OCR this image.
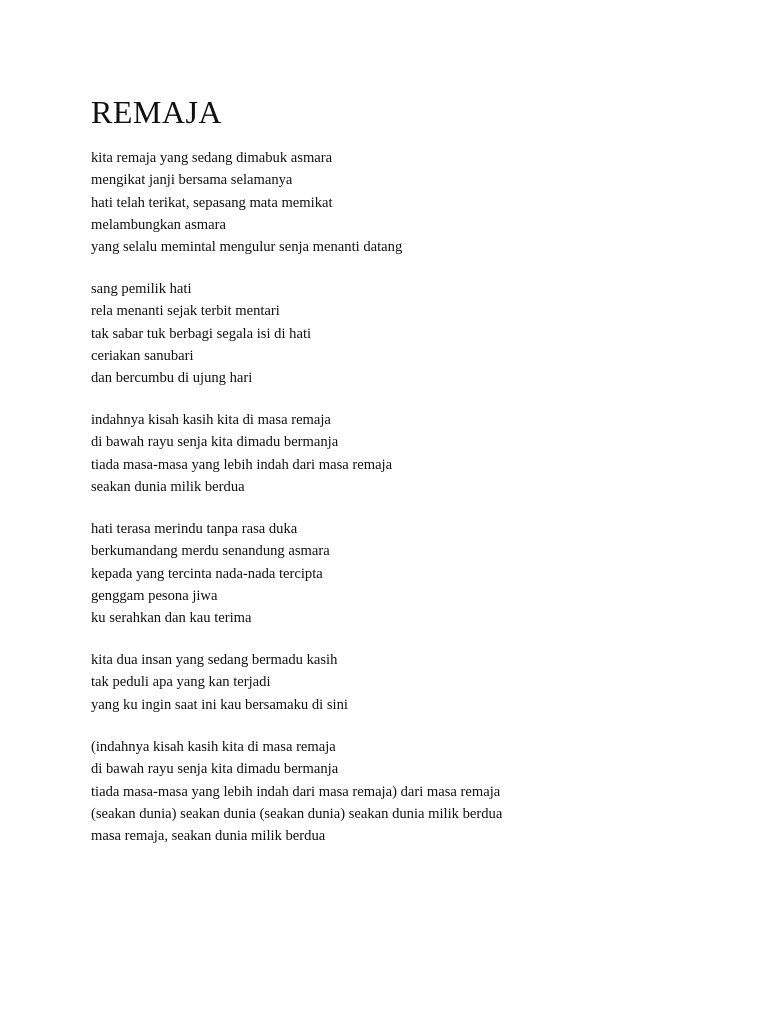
REMAJA
kita remaja yang sedang dimabuk asmara
mengikat janji bersama selamanya
hati telah terikat, sepasang mata memikat
melambungkan asmara
yang selalu memintal mengulur senja menanti datang
sang pemilik hati
rela menanti sejak terbit mentari
tak sabar tuk berbagi segala isi di hati
ceriakan sanubari
dan bercumbu di ujung hari
indahnya kisah kasih kita di masa remaja
di bawah rayu senja kita dimadu bermanja
tiada masa-masa yang lebih indah dari masa remaja
seakan dunia milik berdua
hati terasa merindu tanpa rasa duka
berkumandang merdu senandung asmara
kepada yang tercinta nada-nada tercipta
genggam pesona jiwa
ku serahkan dan kau terima
kita dua insan yang sedang bermadu kasih
tak peduli apa yang kan terjadi
yang ku ingin saat ini kau bersamaku di sini
(indahnya kisah kasih kita di masa remaja
di bawah rayu senja kita dimadu bermanja
tiada masa-masa yang lebih indah dari masa remaja) dari masa remaja
(seakan dunia) seakan dunia (seakan dunia) seakan dunia milik berdua
masa remaja, seakan dunia milik berdua
